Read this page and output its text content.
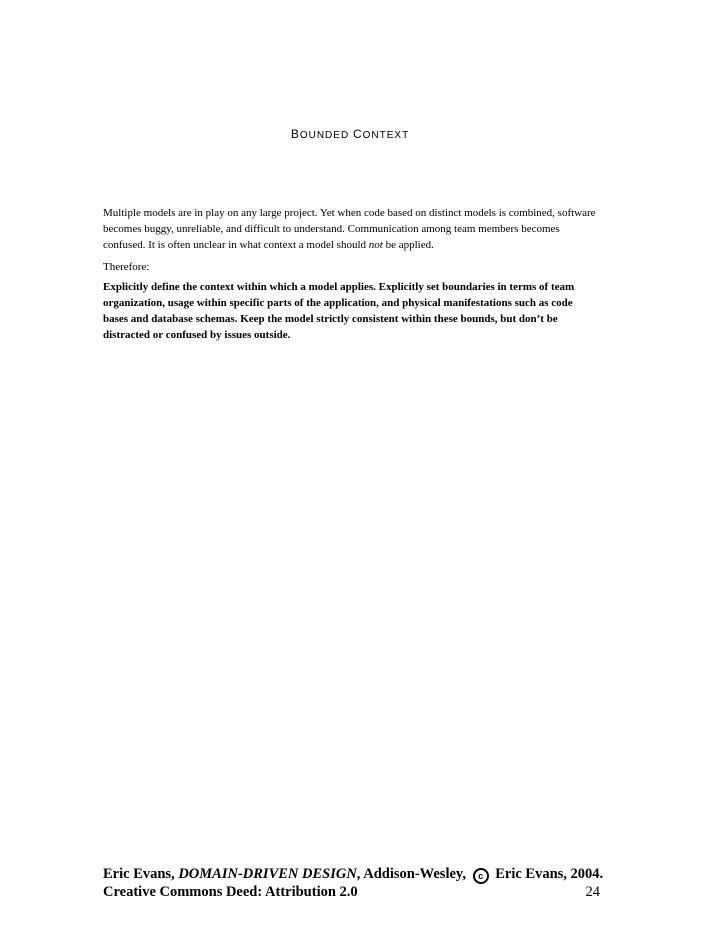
BOUNDED CONTEXT
Multiple models are in play on any large project. Yet when code based on distinct models is combined, software becomes buggy, unreliable, and difficult to understand. Communication among team members becomes confused. It is often unclear in what context a model should not be applied.
Therefore:
Explicitly define the context within which a model applies. Explicitly set boundaries in terms of team organization, usage within specific parts of the application, and physical manifestations such as code bases and database schemas. Keep the model strictly consistent within these bounds, but don’t be distracted or confused by issues outside.
Eric Evans, DOMAIN-DRIVEN DESIGN, Addison-Wesley, c Eric Evans, 2004.
Creative Commons Deed: Attribution 2.0	24
